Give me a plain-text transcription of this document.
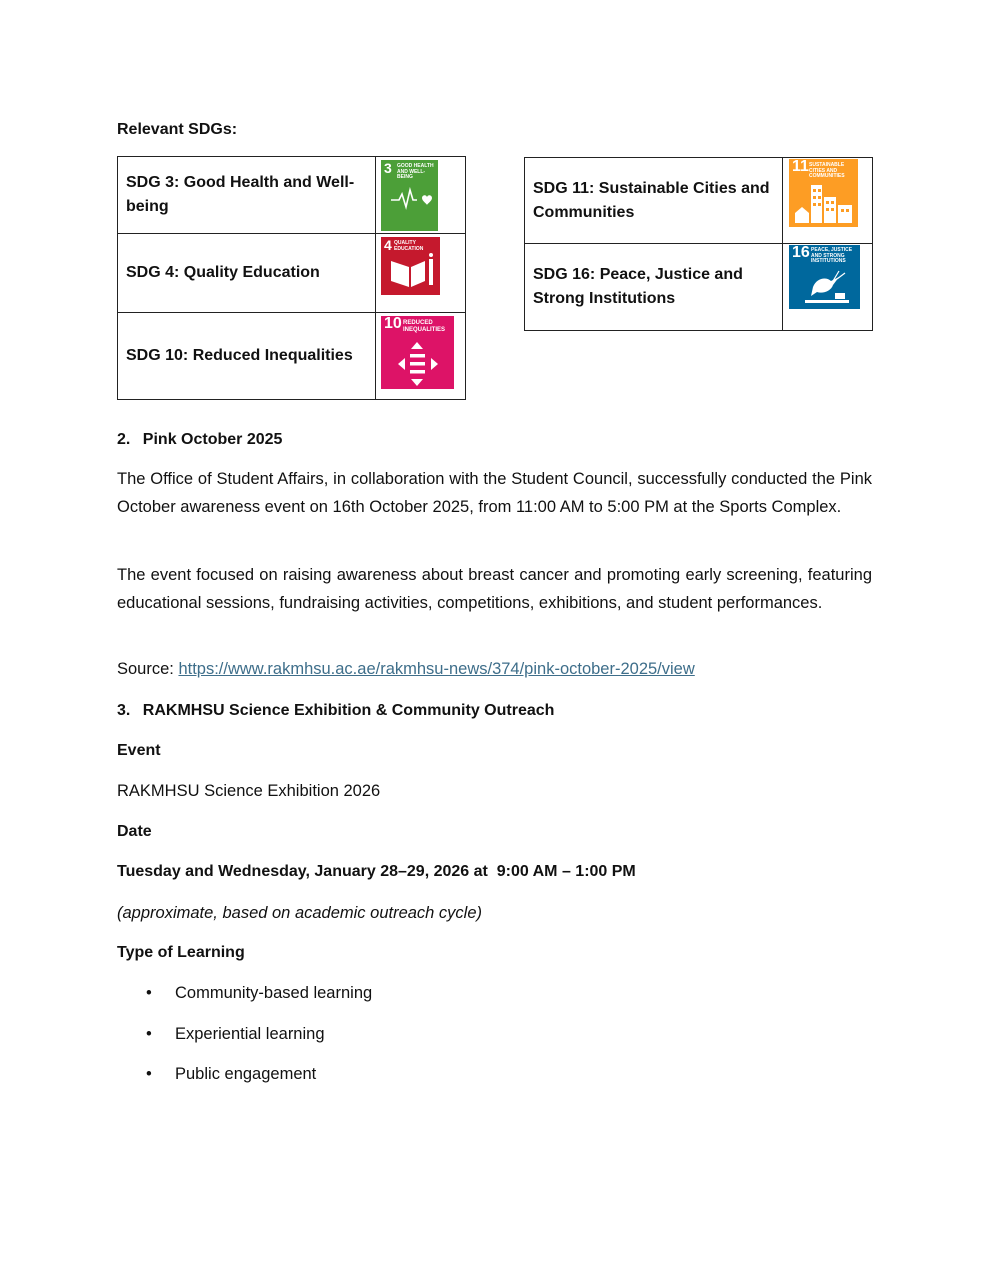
Relevant SDGs:
SDG 3: Good Health and Well-being	3 GOOD HEALTH AND WELL-BEING

SDG 4: Quality Education	4 QUALITY EDUCATION

SDG 10: Reduced Inequalities	10 REDUCED INEQUALITIES
SDG 11: Sustainable Cities and Communities	11 SUSTAINABLE CITIES AND COMMUNITIES

SDG 16: Peace, Justice and Strong Institutions	16 PEACE, JUSTICE AND STRONG INSTITUTIONS
2. Pink October 2025
The Office of Student Affairs, in collaboration with the Student Council, successfully conducted the Pink October awareness event on 16th October 2025, from 11:00 AM to 5:00 PM at the Sports Complex.
The event focused on raising awareness about breast cancer and promoting early screening, featuring educational sessions, fundraising activities, competitions, exhibitions, and student performances.
Source: https://www.rakmhsu.ac.ae/rakmhsu-news/374/pink-october-2025/view
3. RAKMHSU Science Exhibition & Community Outreach
Event
RAKMHSU Science Exhibition 2026
Date
Tuesday and Wednesday, January 28–29, 2026 at  9:00 AM – 1:00 PM
(approximate, based on academic outreach cycle)
Type of Learning
• Community-based learning
• Experiential learning
• Public engagement
